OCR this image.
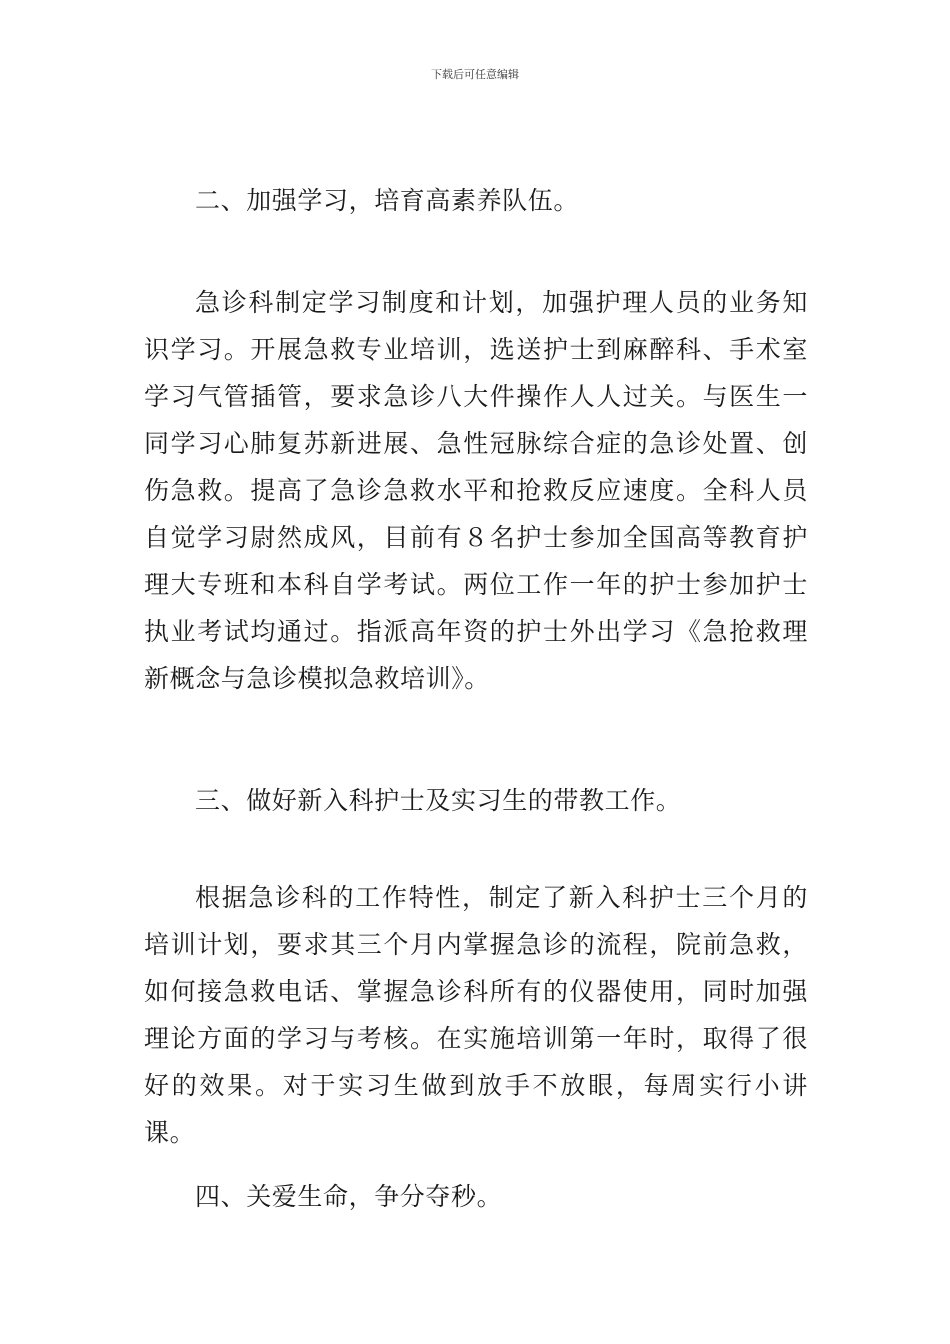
下载后可任意编辑

二、加强学习，培育高素养队伍。

急诊科制定学习制度和计划，加强护理人员的业务知识学习。开展急救专业培训，选送护士到麻醉科、手术室学习气管插管，要求急诊八大件操作人人过关。与医生一同学习心肺复苏新进展、急性冠脉综合症的急诊处置、创伤急救。提高了急诊急救水平和抢救反应速度。全科人员自觉学习尉然成风，目前有８名护士参加全国高等教育护理大专班和本科自学考试。两位工作一年的护士参加护士执业考试均通过。指派高年资的护士外出学习《急抢救理新概念与急诊模拟急救培训》。

三、做好新入科护士及实习生的带教工作。

根据急诊科的工作特性，制定了新入科护士三个月的培训计划，要求其三个月内掌握急诊的流程，院前急救，如何接急救电话、掌握急诊科所有的仪器使用，同时加强理论方面的学习与考核。在实施培训第一年时，取得了很好的效果。对于实习生做到放手不放眼，每周实行小讲课。

四、关爱生命，争分夺秒。
